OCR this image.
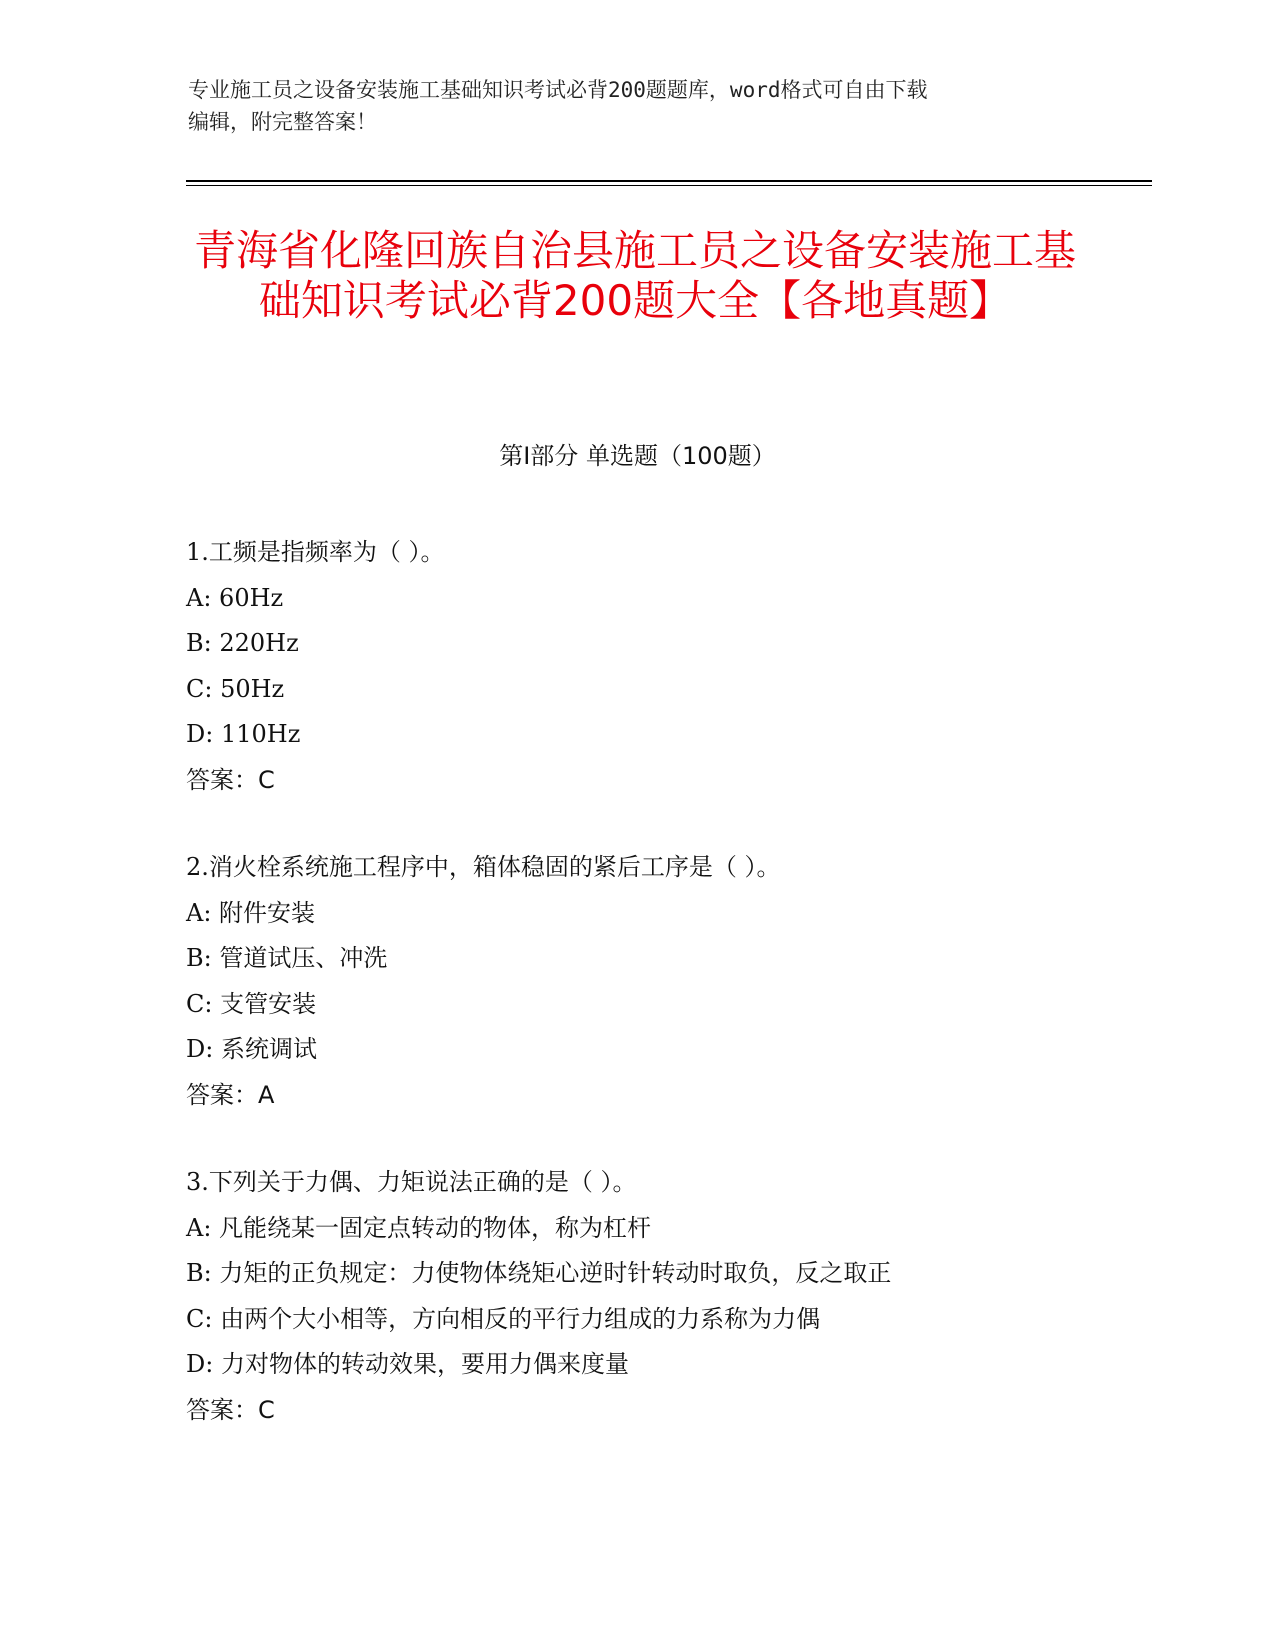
专业施工员之设备安装施工基础知识考试必背200题题库，word格式可自由下载
编辑，附完整答案！
青海省化隆回族自治县施工员之设备安装施工基础知识考试必背200题大全【各地真题】
第Ⅰ部分 单选题（100题）
1.工频是指频率为（ ）。
A: 60Hz
B: 220Hz
C: 50Hz
D: 110Hz
答案：C
2.消火栓系统施工程序中，箱体稳固的紧后工序是（ ）。
A: 附件安装
B: 管道试压、冲洗
C: 支管安装
D: 系统调试
答案：A
3.下列关于力偶、力矩说法正确的是（ ）。
A: 凡能绕某一固定点转动的物体，称为杠杆
B: 力矩的正负规定：力使物体绕矩心逆时针转动时取负，反之取正
C: 由两个大小相等，方向相反的平行力组成的力系称为力偶
D: 力对物体的转动效果，要用力偶来度量
答案：C
